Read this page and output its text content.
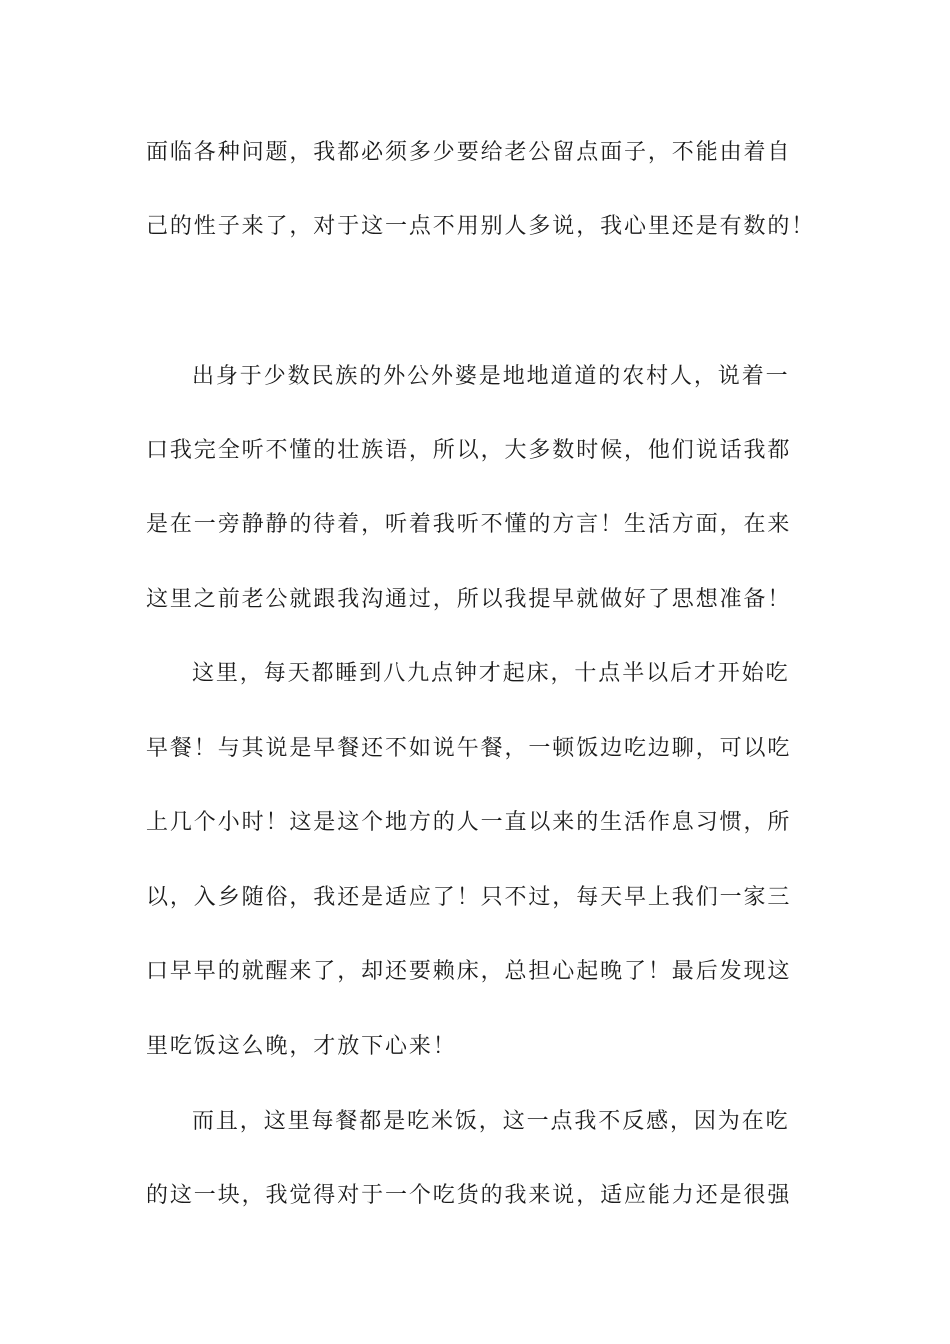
面临各种问题，我都必须多少要给老公留点面子，不能由着自
己的性子来了，对于这一点不用别人多说，我心里还是有数的！
出身于少数民族的外公外婆是地地道道的农村人，说着一
口我完全听不懂的壮族语，所以，大多数时候，他们说话我都
是在一旁静静的待着，听着我听不懂的方言！生活方面，在来
这里之前老公就跟我沟通过，所以我提早就做好了思想准备！
这里，每天都睡到八九点钟才起床，十点半以后才开始吃
早餐！与其说是早餐还不如说午餐，一顿饭边吃边聊，可以吃
上几个小时！这是这个地方的人一直以来的生活作息习惯，所
以，入乡随俗，我还是适应了！只不过，每天早上我们一家三
口早早的就醒来了，却还要赖床，总担心起晚了！最后发现这
里吃饭这么晚，才放下心来！
而且，这里每餐都是吃米饭，这一点我不反感，因为在吃
的这一块，我觉得对于一个吃货的我来说，适应能力还是很强
